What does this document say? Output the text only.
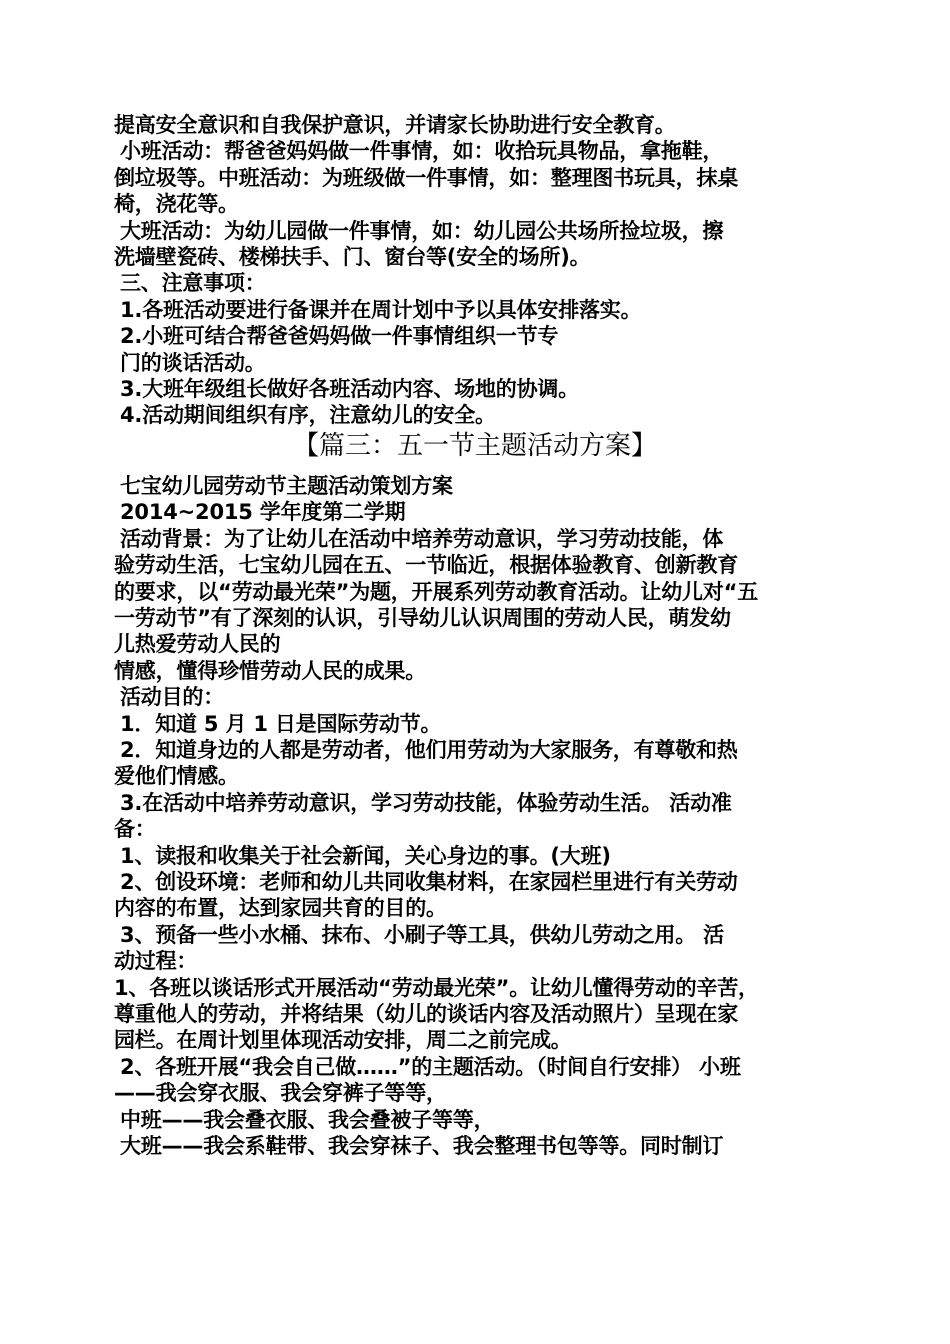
提高安全意识和自我保护意识，并请家长协助进行安全教育。
小班活动：帮爸爸妈妈做一件事情，如：收拾玩具物品，拿拖鞋，
倒垃圾等。中班活动：为班级做一件事情，如：整理图书玩具，抹桌
椅，浇花等。
大班活动：为幼儿园做一件事情，如：幼儿园公共场所捡垃圾，擦
洗墙壁瓷砖、楼梯扶手、门、窗台等(安全的场所)。
三、注意事项：
1.各班活动要进行备课并在周计划中予以具体安排落实。
2.小班可结合帮爸爸妈妈做一件事情组织一节专
门的谈话活动。
3.大班年级组长做好各班活动内容、场地的协调。
4.活动期间组织有序，注意幼儿的安全。
【篇三：五一节主题活动方案】
七宝幼儿园劳动节主题活动策划方案
2014~2015 学年度第二学期
活动背景：为了让幼儿在活动中培养劳动意识，学习劳动技能，体
验劳动生活，七宝幼儿园在五、一节临近，根据体验教育、创新教育
的要求，以“劳动最光荣”为题，开展系列劳动教育活动。让幼儿对“五
一劳动节”有了深刻的认识，引导幼儿认识周围的劳动人民，萌发幼
儿热爱劳动人民的
情感，懂得珍惜劳动人民的成果。
活动目的：
1．知道 5 月 1 日是国际劳动节。
2．知道身边的人都是劳动者，他们用劳动为大家服务，有尊敬和热
爱他们情感。
3.在活动中培养劳动意识，学习劳动技能，体验劳动生活。 活动准
备：
1、读报和收集关于社会新闻，关心身边的事。(大班)
2、创设环境：老师和幼儿共同收集材料，在家园栏里进行有关劳动
内容的布置，达到家园共育的目的。
3、预备一些小水桶、抹布、小刷子等工具，供幼儿劳动之用。 活
动过程：
1、各班以谈话形式开展活动“劳动最光荣”。让幼儿懂得劳动的辛苦，
尊重他人的劳动，并将结果（幼儿的谈话内容及活动照片）呈现在家
园栏。在周计划里体现活动安排，周二之前完成。
2、各班开展“我会自己做……”的主题活动。（时间自行安排） 小班
——我会穿衣服、我会穿裤子等等，
中班——我会叠衣服、我会叠被子等等，
大班——我会系鞋带、我会穿袜子、我会整理书包等等。同时制订
